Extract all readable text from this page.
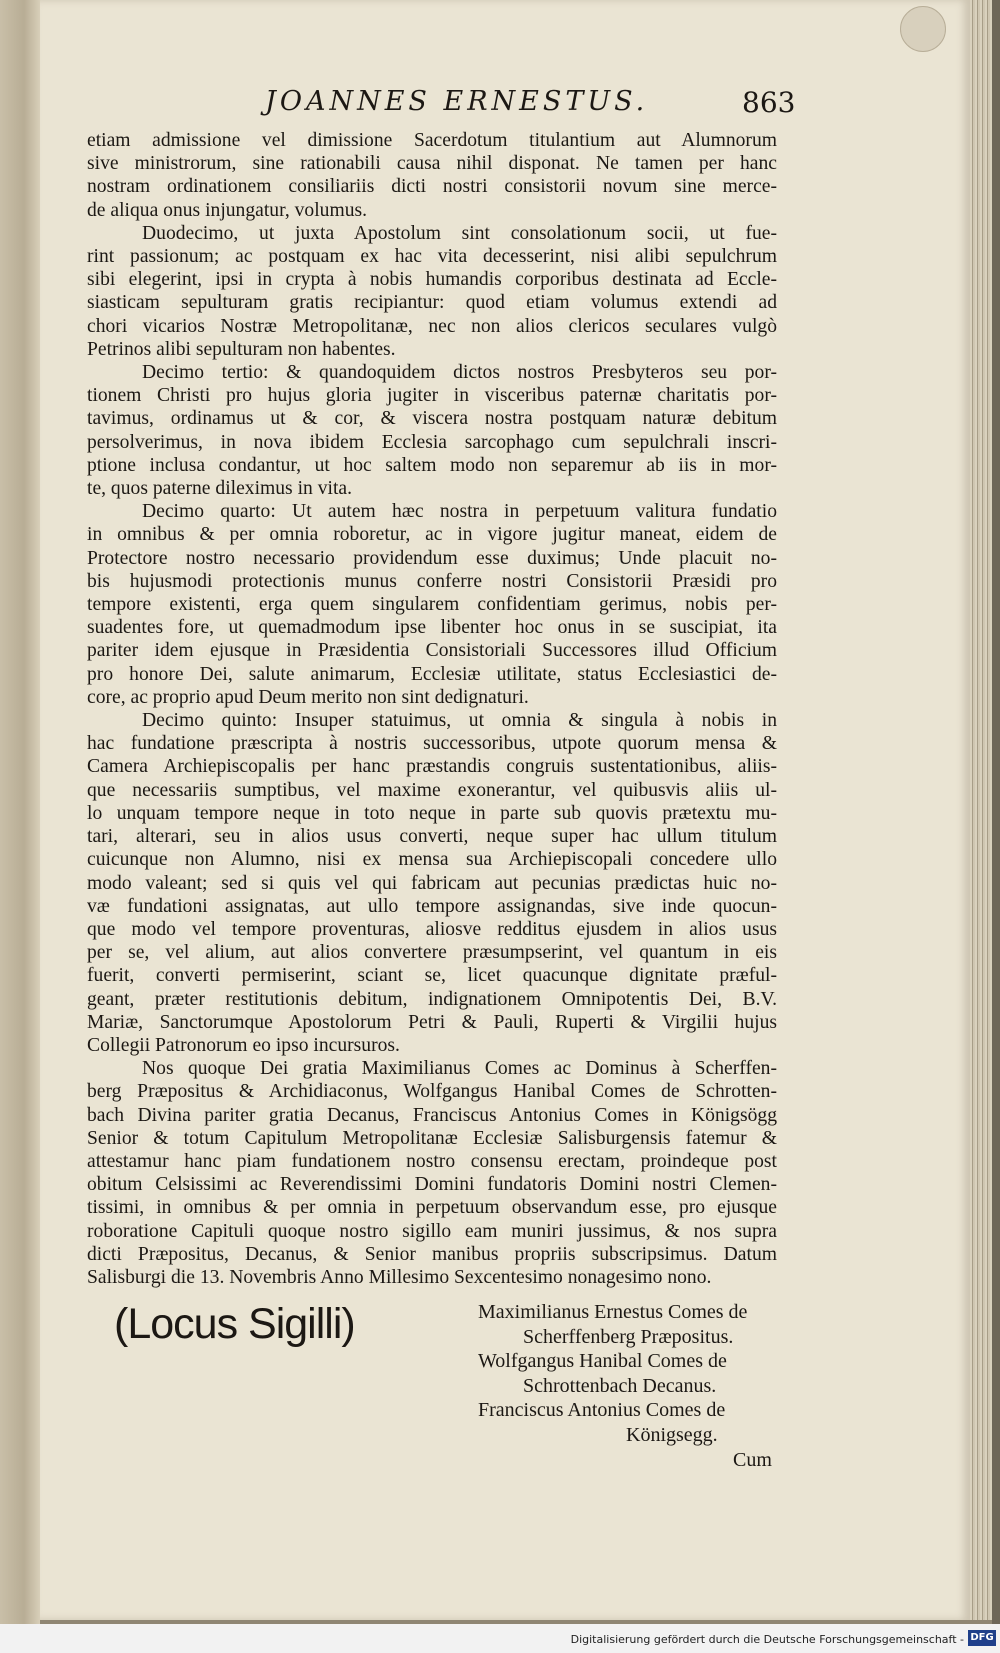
JOANNES ERNESTUS.	863
etiam admissione vel dimissione Sacerdotum titulantium aut Alumnorum
sive ministrorum, sine rationabili causa nihil disponat. Ne tamen per hanc
nostram ordinationem consiliariis dicti nostri consistorii novum sine merce-
de aliqua onus injungatur, volumus.
Duodecimo, ut juxta Apostolum sint consolationum socii, ut fue-
rint passionum; ac postquam ex hac vita decesserint, nisi alibi sepulchrum
sibi elegerint, ipsi in crypta à nobis humandis corporibus destinata ad Eccle-
siasticam sepulturam gratis recipiantur: quod etiam volumus extendi ad
chori vicarios Nostræ Metropolitanæ, nec non alios clericos seculares vulgò
Petrinos alibi sepulturam non habentes.
Decimo tertio: & quandoquidem dictos nostros Presbyteros seu por-
tionem Christi pro hujus gloria jugiter in visceribus paternæ charitatis por-
tavimus, ordinamus ut & cor, & viscera nostra postquam naturæ debitum
persolverimus, in nova ibidem Ecclesia sarcophago cum sepulchrali inscri-
ptione inclusa condantur, ut hoc saltem modo non separemur ab iis in mor-
te, quos paterne dileximus in vita.
Decimo quarto: Ut autem hæc nostra in perpetuum valitura fundatio
in omnibus & per omnia roboretur, ac in vigore jugitur maneat, eidem de
Protectore nostro necessario providendum esse duximus; Unde placuit no-
bis hujusmodi protectionis munus conferre nostri Consistorii Præsidi pro
tempore existenti, erga quem singularem confidentiam gerimus, nobis per-
suadentes fore, ut quemadmodum ipse libenter hoc onus in se suscipiat, ita
pariter idem ejusque in Præsidentia Consistoriali Successores illud Officium
pro honore Dei, salute animarum, Ecclesiæ utilitate, status Ecclesiastici de-
core, ac proprio apud Deum merito non sint dedignaturi.
Decimo quinto: Insuper statuimus, ut omnia & singula à nobis in
hac fundatione præscripta à nostris successoribus, utpote quorum mensa &
Camera Archiepiscopalis per hanc præstandis congruis sustentationibus, aliis-
que necessariis sumptibus, vel maxime exonerantur, vel quibusvis aliis ul-
lo unquam tempore neque in toto neque in parte sub quovis prætextu mu-
tari, alterari, seu in alios usus converti, neque super hac ullum titulum
cuicunque non Alumno, nisi ex mensa sua Archiepiscopali concedere ullo
modo valeant; sed si quis vel qui fabricam aut pecunias prædictas huic no-
væ fundationi assignatas, aut ullo tempore assignandas, sive inde quocun-
que modo vel tempore proventuras, aliosve redditus ejusdem in alios usus
per se, vel alium, aut alios convertere præsumpserint, vel quantum in eis
fuerit, converti permiserint, sciant se, licet quacunque dignitate præful-
geant, præter restitutionis debitum, indignationem Omnipotentis Dei, B.V.
Mariæ, Sanctorumque Apostolorum Petri & Pauli, Ruperti & Virgilii hujus
Collegii Patronorum eo ipso incursuros.
Nos quoque Dei gratia Maximilianus Comes ac Dominus à Scherffen-
berg Præpositus & Archidiaconus, Wolfgangus Hanibal Comes de Schrotten-
bach Divina pariter gratia Decanus, Franciscus Antonius Comes in Königsögg
Senior & totum Capitulum Metropolitanæ Ecclesiæ Salisburgensis fatemur &
attestamur hanc piam fundationem nostro consensu erectam, proindeque post
obitum Celsissimi ac Reverendissimi Domini fundatoris Domini nostri Clemen-
tissimi, in omnibus & per omnia in perpetuum observandum esse, pro ejusque
roboratione Capituli quoque nostro sigillo eam muniri jussimus, & nos supra
dicti Præpositus, Decanus, & Senior manibus propriis subscripsimus. Datum
Salisburgi die 13. Novembris Anno Millesimo Sexcentesimo nonagesimo nono.
(Locus Sigilli)	Maximilianus Ernestus Comes de
Scherffenberg Præpositus.
Wolfgangus Hanibal Comes de
Schrottenbach Decanus.
Franciscus Antonius Comes de
Königsegg.
Cum
Digitalisierung gefördert durch die Deutsche Forschungsgemeinschaft - DFG
